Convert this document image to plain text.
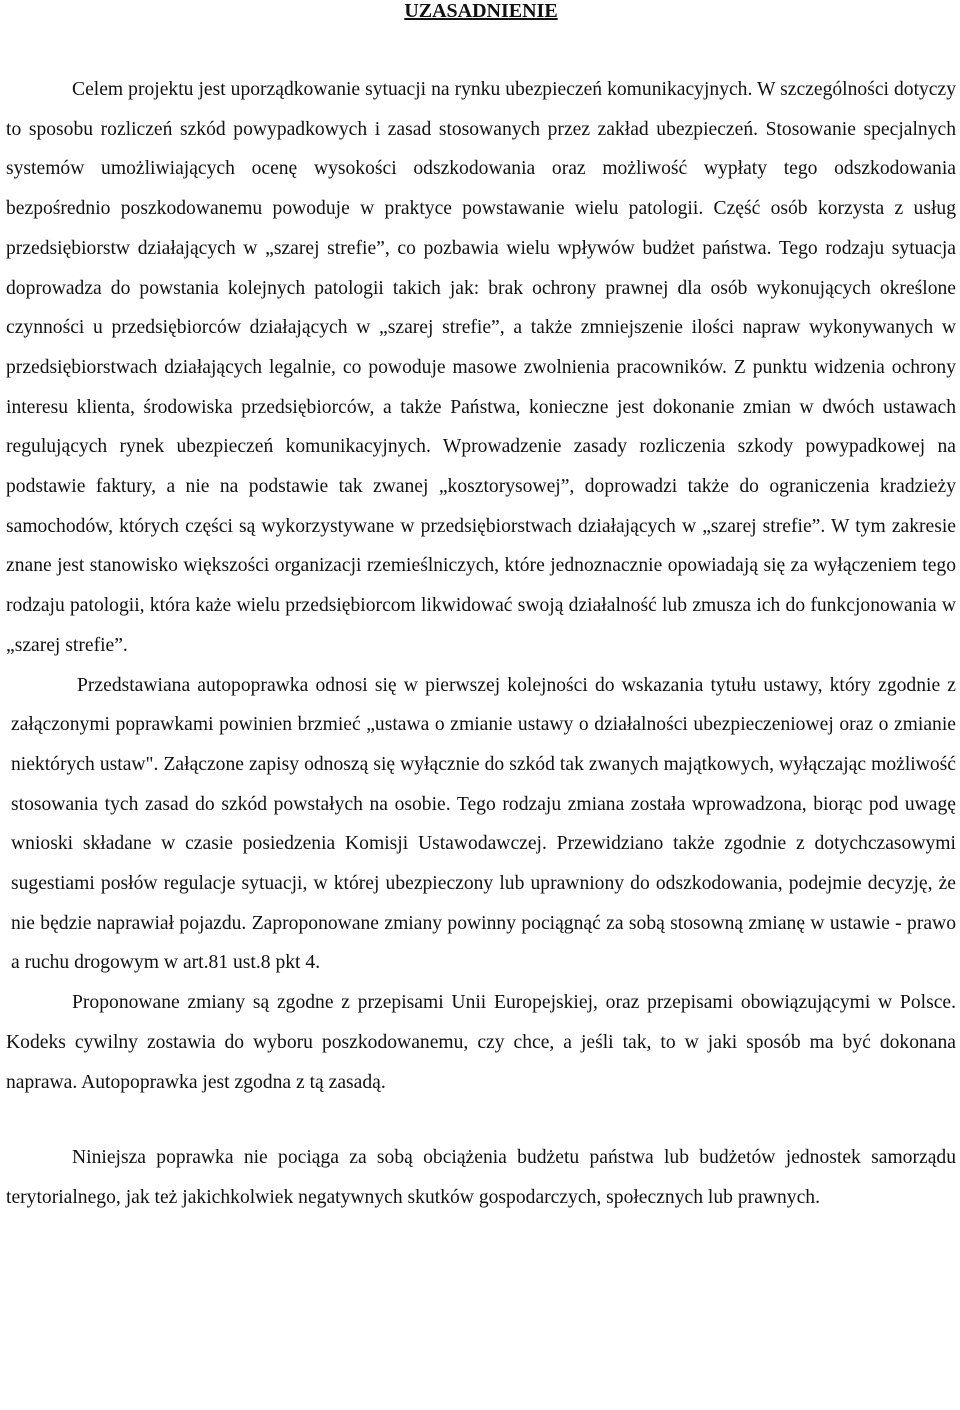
UZASADNIENIE

Celem projektu jest uporządkowanie sytuacji na rynku ubezpieczeń komunikacyjnych. W szczególności dotyczy to sposobu rozliczeń szkód powypadkowych i zasad stosowanych przez zakład ubezpieczeń. Stosowanie specjalnych systemów umożliwiających ocenę wysokości odszkodowania oraz możliwość wypłaty tego odszkodowania bezpośrednio poszkodowanemu powoduje w praktyce powstawanie wielu patologii. Część osób korzysta z usług przedsiębiorstw działających w „szarej strefie”, co pozbawia wielu wpływów budżet państwa. Tego rodzaju sytuacja doprowadza do powstania kolejnych patologii takich jak: brak ochrony prawnej dla osób wykonujących określone czynności u przedsiębiorców działających w „szarej strefie”, a także zmniejszenie ilości napraw wykonywanych w przedsiębiorstwach działających legalnie, co powoduje masowe zwolnienia pracowników. Z punktu widzenia ochrony interesu klienta, środowiska przedsiębiorców, a także Państwa, konieczne jest dokonanie zmian w dwóch ustawach regulujących rynek ubezpieczeń komunikacyjnych. Wprowadzenie zasady rozliczenia szkody powypadkowej na podstawie faktury, a nie na podstawie tak zwanej „kosztorysowej”, doprowadzi także do ograniczenia kradzieży samochodów, których części są wykorzystywane w przedsiębiorstwach działających w „szarej strefie”. W tym zakresie znane jest stanowisko większości organizacji rzemieślniczych, które jednoznacznie opowiadają się za wyłączeniem tego rodzaju patologii, która każe wielu przedsiębiorcom likwidować swoją działalność lub zmusza ich do funkcjonowania w „szarej strefie”.

Przedstawiana autopoprawka odnosi się w pierwszej kolejności do wskazania tytułu ustawy, który zgodnie z załączonymi poprawkami powinien brzmieć „ustawa o zmianie ustawy o działalności ubezpieczeniowej oraz o zmianie niektórych ustaw". Załączone zapisy odnoszą się wyłącznie do szkód tak zwanych majątkowych, wyłączając możliwość stosowania tych zasad do szkód powstałych na osobie. Tego rodzaju zmiana została wprowadzona, biorąc pod uwagę wnioski składane w czasie posiedzenia Komisji Ustawodawczej. Przewidziano także zgodnie z dotychczasowymi sugestiami posłów regulacje sytuacji, w której ubezpieczony lub uprawniony do odszkodowania, podejmie decyzję, że nie będzie naprawiał pojazdu. Zaproponowane zmiany powinny pociągnąć za sobą stosowną zmianę w ustawie - prawo a ruchu drogowym w art.81 ust.8 pkt 4.

Proponowane zmiany są zgodne z przepisami Unii Europejskiej, oraz przepisami obowiązującymi w Polsce. Kodeks cywilny zostawia do wyboru poszkodowanemu, czy chce, a jeśli tak, to w jaki sposób ma być dokonana naprawa. Autopoprawka jest zgodna z tą zasadą.

Niniejsza poprawka nie pociąga za sobą obciążenia budżetu państwa lub budżetów jednostek samorządu terytorialnego, jak też jakichkolwiek negatywnych skutków gospodarczych, społecznych lub prawnych.
